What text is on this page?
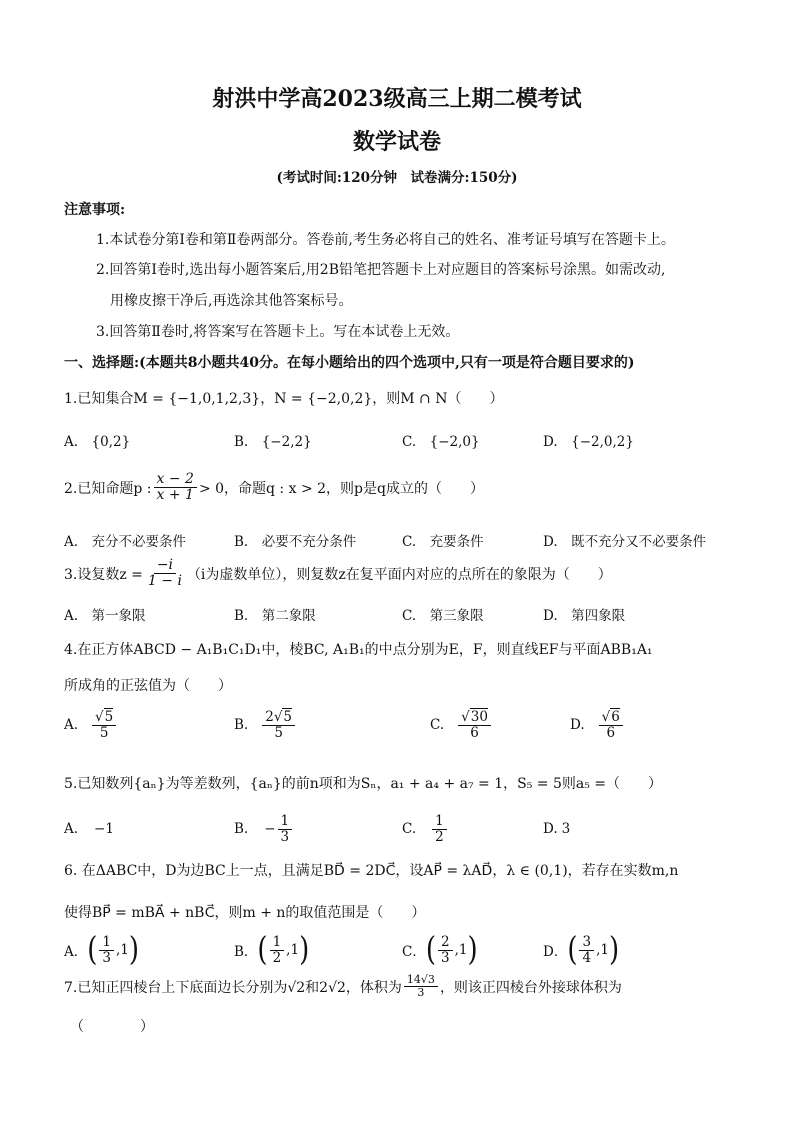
射洪中学高2023级高三上期二模考试
数学试卷
(考试时间:120分钟　试卷满分:150分)
注意事项:
1.本试卷分第Ⅰ卷和第Ⅱ卷两部分。答卷前,考生务必将自己的姓名、准考证号填写在答题卡上。
2.回答第Ⅰ卷时,选出每小题答案后,用2B铅笔把答题卡上对应题目的答案标号涂黑。如需改动,
用橡皮擦干净后,再选涂其他答案标号。
3.回答第Ⅱ卷时,将答案写在答题卡上。写在本试卷上无效。
一、选择题:(本题共8小题共40分。在每小题给出的四个选项中,只有一项是符合题目要求的)
1.已知集合M = {−1,0,1,2,3}，N = {−2,0,2}，则M ∩ N（　　）
A.　{0,2}	B.　{−2,2}	C.　{−2,0}	D.　{−2,0,2}
2.已知命题p : $\frac{x - 2}{x + 1} > 0$，命题q : x > 2，则p是q成立的（　　）
A.　充分不必要条件	B.　必要不充分条件	C.　充要条件	D.　既不充分又不必要条件
3.设复数$z = \frac{-i}{1 - i} (i$为虚数单位），则复数z在复平面内对应的点所在的象限为（　　）
A.　第一象限	B.　第二象限	C.　第三象限	D.　第四象限
4.在正方体ABCD − A₁B₁C₁D₁中，棱BC, A₁B₁的中点分别为E，F，则直线EF与平面ABB₁A₁
所成角的正弦值为（　　）
A. $\frac{√5}{5}$	B. $\frac{2√5}{5}$	C. $\frac{√30}{6}$	D. $\frac{√6}{6}$
5.已知数列{aₙ}为等差数列，{aₙ}的前n项和为Sₙ，a₁ + a₄ + a₇ = 1，S₅ = 5则a₅ =（　　）
A. −1	B. − $\frac{1}{3}$	C. $\frac{1}{2}$	D. 3
6. 在ΔABC中，D为边BC上一点，且满足BD⃗ = 2DC⃗，设AP⃗ = λAD⃗，λ ∈ (0,1)，若存在实数m,n
使得BP⃗ = mBA⃗ + nBC⃗，则m + n的取值范围是（　　）
A． ( $\frac{1}{3} ,1$ )	B． ( $\frac{1}{2} ,1$ )	C． ( $\frac{2}{3} ,1$ )	D． ( $\frac{3}{4} ,1$ )
7.已知正四棱台上下底面边长分别为√2和2√2，体积为 $\frac{14√3}{3}$ ，则该正四棱台外接球体积为
（　　　　）
